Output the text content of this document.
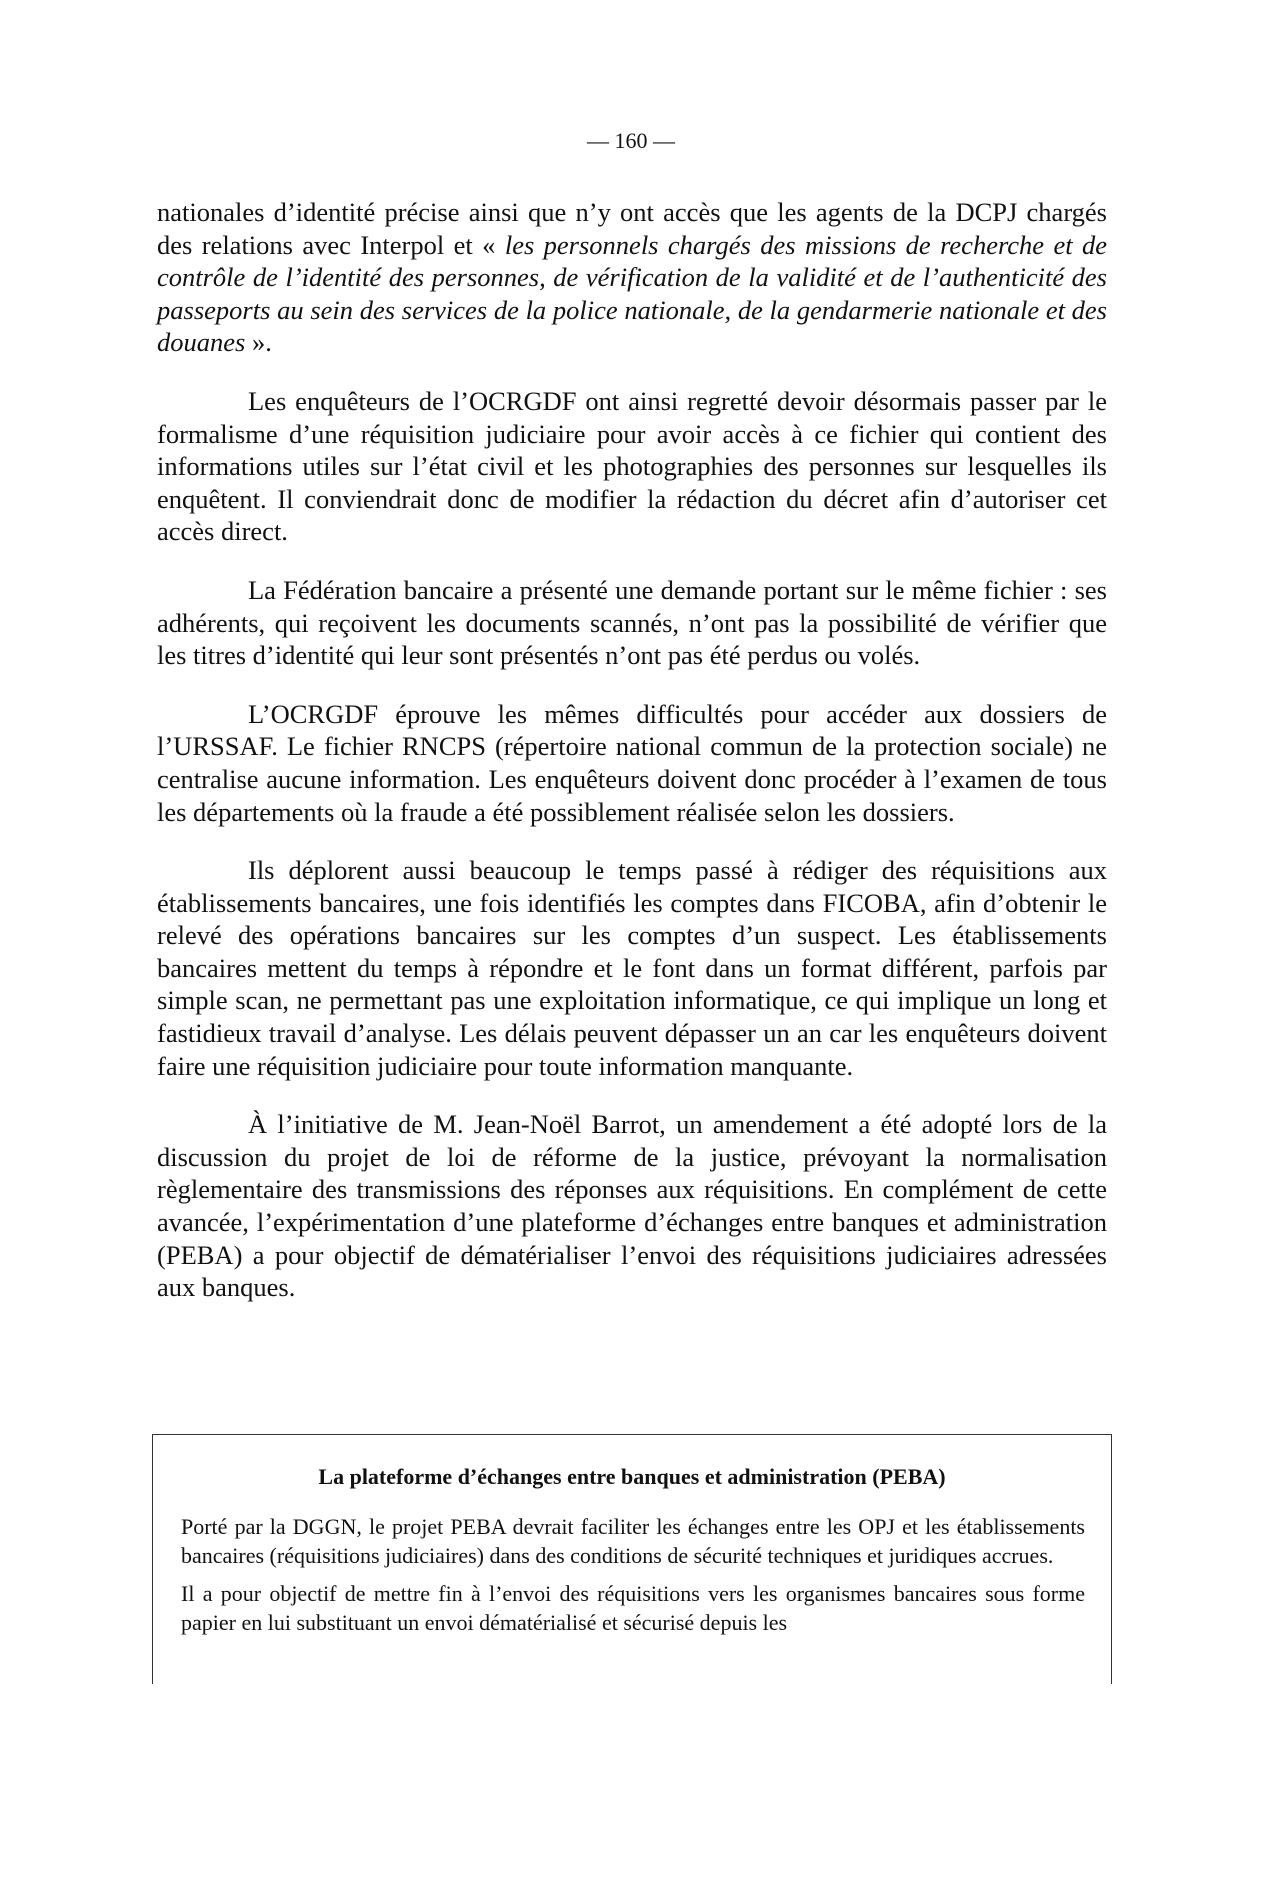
— 160 —

nationales d’identité précise ainsi que n’y ont accès que les agents de la DCPJ chargés des relations avec Interpol et « les personnels chargés des missions de recherche et de contrôle de l’identité des personnes, de vérification de la validité et de l’authenticité des passeports au sein des services de la police nationale, de la gendarmerie nationale et des douanes ».

Les enquêteurs de l’OCRGDF ont ainsi regretté devoir désormais passer par le formalisme d’une réquisition judiciaire pour avoir accès à ce fichier qui contient des informations utiles sur l’état civil et les photographies des personnes sur lesquelles ils enquêtent. Il conviendrait donc de modifier la rédaction du décret afin d’autoriser cet accès direct.

La Fédération bancaire a présenté une demande portant sur le même fichier : ses adhérents, qui reçoivent les documents scannés, n’ont pas la possibilité de vérifier que les titres d’identité qui leur sont présentés n’ont pas été perdus ou volés.

L’OCRGDF éprouve les mêmes difficultés pour accéder aux dossiers de l’URSSAF. Le fichier RNCPS (répertoire national commun de la protection sociale) ne centralise aucune information. Les enquêteurs doivent donc procéder à l’examen de tous les départements où la fraude a été possiblement réalisée selon les dossiers.

Ils déplorent aussi beaucoup le temps passé à rédiger des réquisitions aux établissements bancaires, une fois identifiés les comptes dans FICOBA, afin d’obtenir le relevé des opérations bancaires sur les comptes d’un suspect. Les établissements bancaires mettent du temps à répondre et le font dans un format différent, parfois par simple scan, ne permettant pas une exploitation informatique, ce qui implique un long et fastidieux travail d’analyse. Les délais peuvent dépasser un an car les enquêteurs doivent faire une réquisition judiciaire pour toute information manquante.

À l’initiative de M. Jean-Noël Barrot, un amendement a été adopté lors de la discussion du projet de loi de réforme de la justice, prévoyant la normalisation règlementaire des transmissions des réponses aux réquisitions. En complément de cette avancée, l’expérimentation d’une plateforme d’échanges entre banques et administration (PEBA) a pour objectif de dématérialiser l’envoi des réquisitions judiciaires adressées aux banques.

La plateforme d’échanges entre banques et administration (PEBA)

Porté par la DGGN, le projet PEBA devrait faciliter les échanges entre les OPJ et les établissements bancaires (réquisitions judiciaires) dans des conditions de sécurité techniques et juridiques accrues.

Il a pour objectif de mettre fin à l’envoi des réquisitions vers les organismes bancaires sous forme papier en lui substituant un envoi dématérialisé et sécurisé depuis les
